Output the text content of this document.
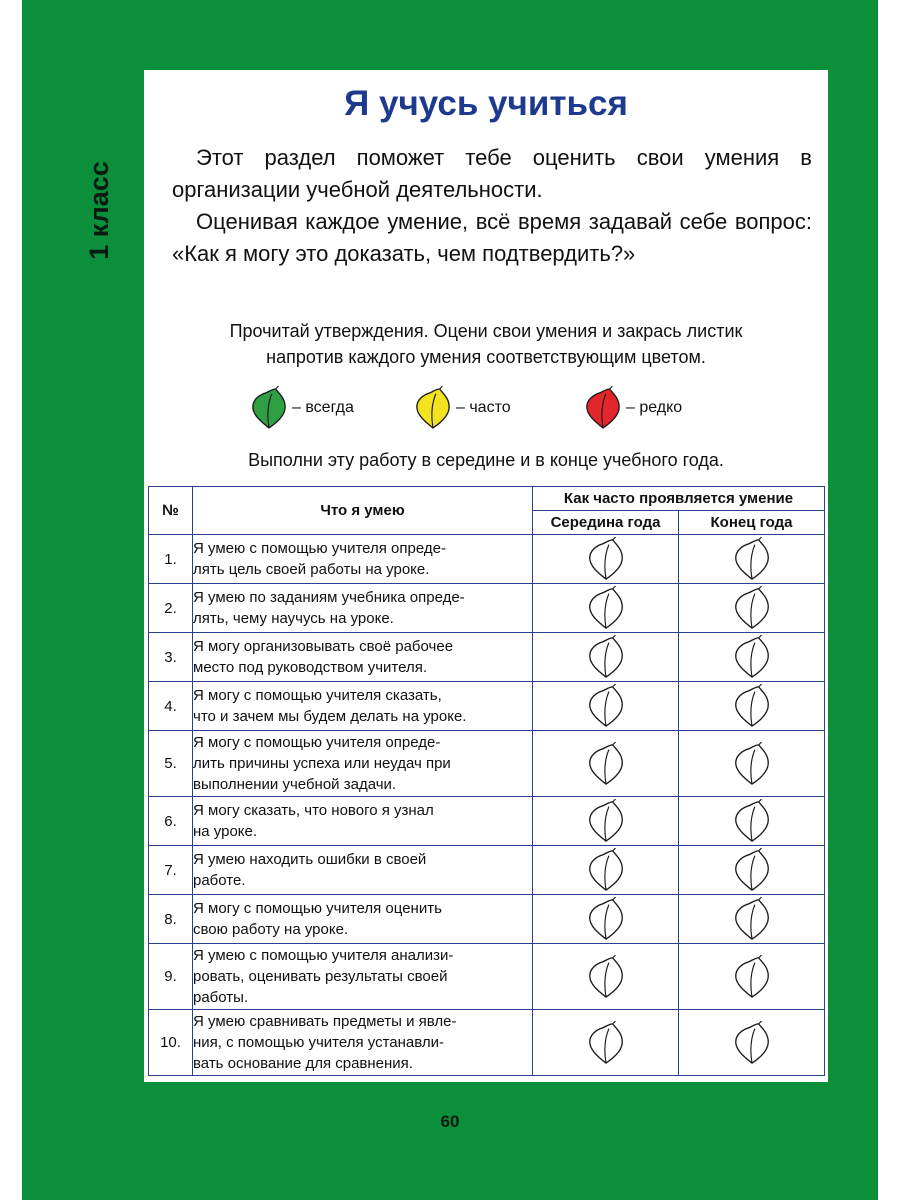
1 класс
Я учусь учиться

Этот раздел поможет тебе оценить свои умения в организации учебной деятельности.

Оценивая каждое умение, всё время задавай себе вопрос: «Как я могу это доказать, чем подтвердить?»

Прочитай утверждения. Оцени свои умения и закрась листик

напротив каждого умения соответствующим цветом.

– всегда	– часто	– редко
Выполни эту работу в середине и в конце учебного года.
№	Что я умею	Как часто проявляется умение	
		Середина года	Конец года
1.	Я умею с помощью учителя опреде-
лять цель своей работы на уроке.

2.	Я умею по заданиям учебника опреде-
лять, чему научусь на уроке.

3.	Я могу организовывать своё рабочее
место под руководством учителя.

4.	Я могу с помощью учителя сказать,
что и зачем мы будем делать на уроке.

5.	Я могу с помощью учителя опреде-
лить причины успеха или неудач при
выполнении учебной задачи.

6.	Я могу сказать, что нового я узнал
на уроке.

7.	Я умею находить ошибки в своей
работе.

8.	Я могу с помощью учителя оценить
свою работу на уроке.

9.	Я умею с помощью учителя анализи-
ровать, оценивать результаты своей
работы.

10.	Я умею сравнивать предметы и явле-
ния, с помощью учителя устанавли-
вать основание для сравнения.

60
